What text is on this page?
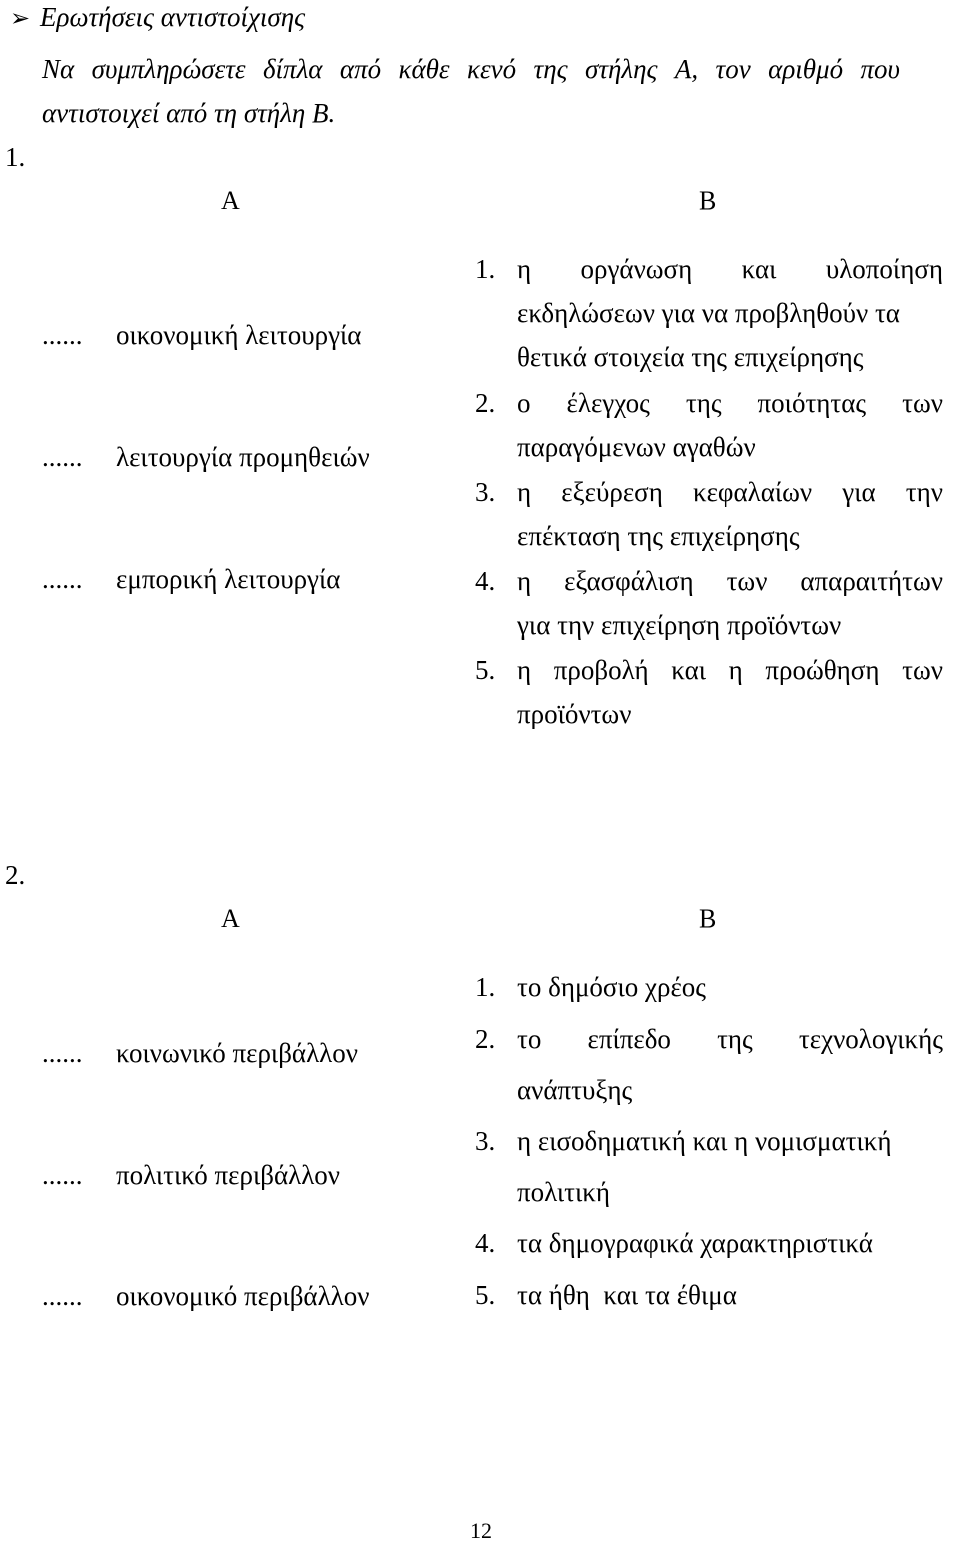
➢ Ερωτήσεις αντιστοίχισης
Να συμπληρώσετε δίπλα από κάθε κενό της στήλης Α, τον αριθμό που
αντιστοιχεί από τη στήλη Β.
1.
Α	Β
...... οικονομική λειτουργία
...... λειτουργία προμηθειών
...... εμπορική λειτουργία
1. η οργάνωση και υλοποίηση
εκδηλώσεων για να προβληθούν τα
θετικά στοιχεία της επιχείρησης
2. ο έλεγχος της ποιότητας των
παραγόμενων αγαθών
3. η εξεύρεση κεφαλαίων για την
επέκταση της επιχείρησης
4. η εξασφάλιση των απαραιτήτων
για την επιχείρηση προϊόντων
5. η προβολή και η προώθηση των
προϊόντων
2.
Α	Β
...... κοινωνικό περιβάλλον
...... πολιτικό περιβάλλον
...... οικονομικό περιβάλλον
1. το δημόσιο χρέος
2. το επίπεδο της τεχνολογικής
ανάπτυξης
3. η εισοδηματική και η νομισματική
πολιτική
4. τα δημογραφικά χαρακτηριστικά
5. τα ήθη  και τα έθιμα
12
